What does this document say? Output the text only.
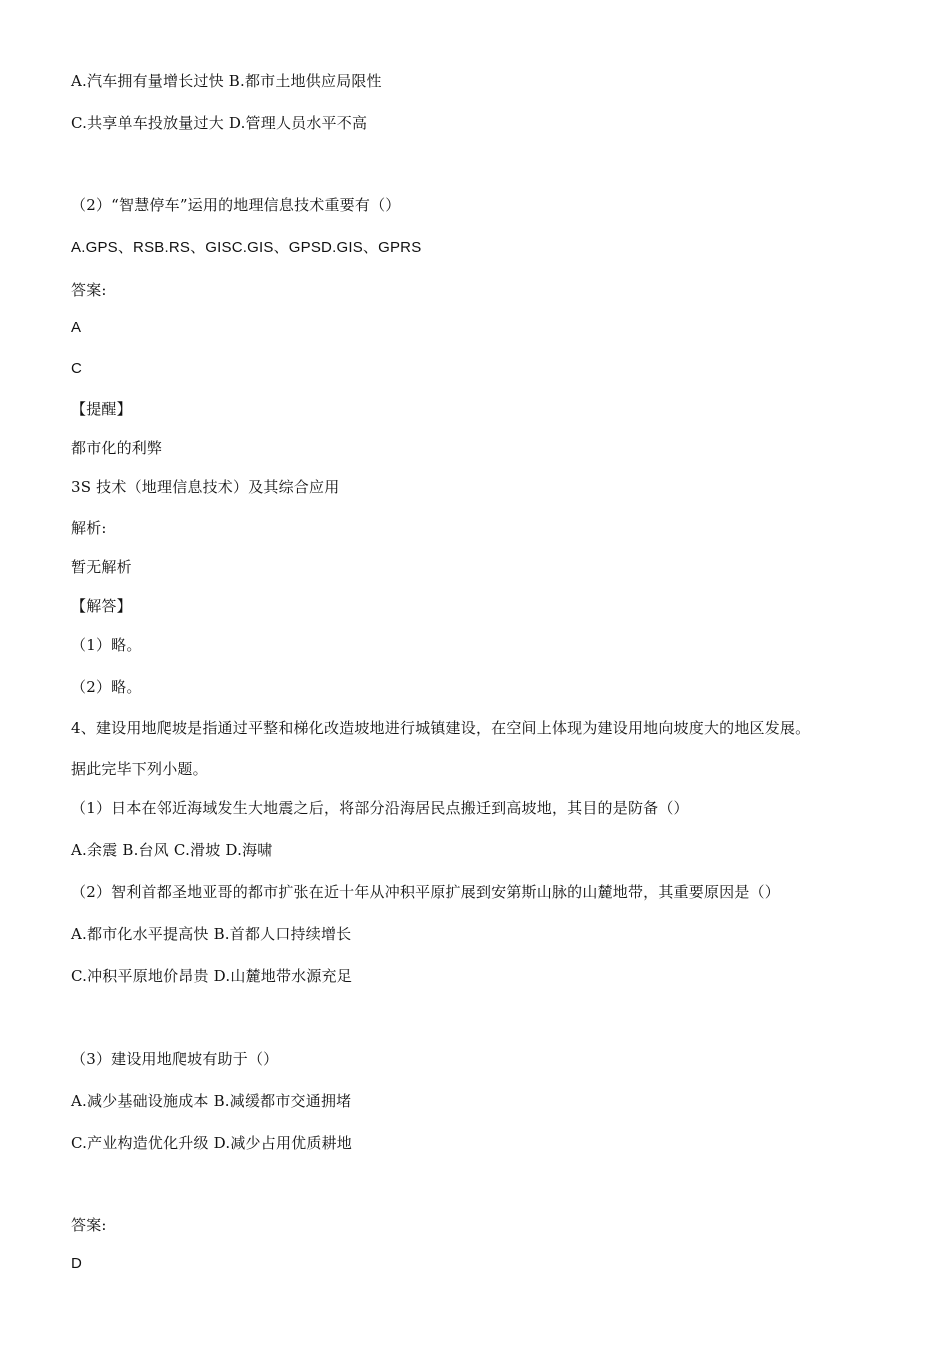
A.汽车拥有量增长过快 B.都市土地供应局限性
C.共享单车投放量过大 D.管理人员水平不高
（2）“智慧停车”运用的地理信息技术重要有（）
A.GPS、RSB.RS、GISC.GIS、GPSD.GIS、GPRS
答案:
A
C
【提醒】
都市化的利弊
3S 技术（地理信息技术）及其综合应用
解析:
暂无解析
【解答】
（1）略。
（2）略。
4、建设用地爬坡是指通过平整和梯化改造坡地进行城镇建设，在空间上体现为建设用地向坡度大的地区发展。
据此完毕下列小题。
（1）日本在邻近海域发生大地震之后，将部分沿海居民点搬迁到高坡地，其目的是防备（）
A.余震 B.台风 C.滑坡 D.海啸
（2）智利首都圣地亚哥的都市扩张在近十年从冲积平原扩展到安第斯山脉的山麓地带，其重要原因是（）
A.都市化水平提高快 B.首都人口持续增长
C.冲积平原地价昂贵 D.山麓地带水源充足
（3）建设用地爬坡有助于（）
A.减少基础设施成本 B.减缓都市交通拥堵
C.产业构造优化升级 D.减少占用优质耕地
答案:
D
